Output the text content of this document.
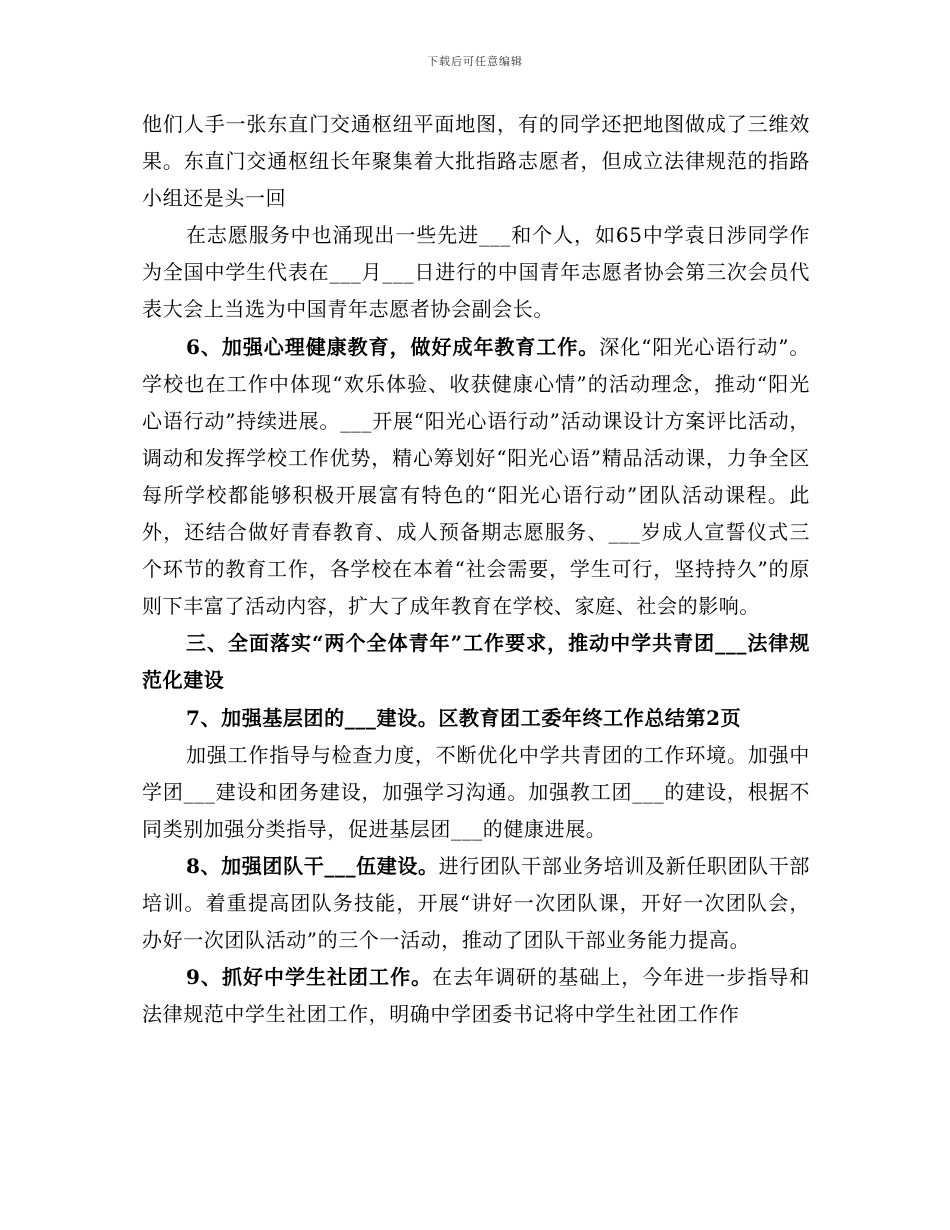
下载后可任意编辑

他们人手一张东直门交通枢纽平面地图，有的同学还把地图做成了三维效果。东直门交通枢纽长年聚集着大批指路志愿者，但成立法律规范的指路小组还是头一回

在志愿服务中也涌现出一些先进___和个人，如65中学袁日涉同学作为全国中学生代表在___月___日进行的中国青年志愿者协会第三次会员代表大会上当选为中国青年志愿者协会副会长。

6、加强心理健康教育，做好成年教育工作。深化“阳光心语行动”。学校也在工作中体现“欢乐体验、收获健康心情”的活动理念，推动“阳光心语行动”持续进展。___开展“阳光心语行动”活动课设计方案评比活动，调动和发挥学校工作优势，精心筹划好“阳光心语”精品活动课，力争全区每所学校都能够积极开展富有特色的“阳光心语行动”团队活动课程。此外，还结合做好青春教育、成人预备期志愿服务、___岁成人宣誓仪式三个环节的教育工作，各学校在本着“社会需要，学生可行，坚持持久”的原则下丰富了活动内容，扩大了成年教育在学校、家庭、社会的影响。

三、全面落实“两个全体青年”工作要求，推动中学共青团___法律规范化建设

7、加强基层团的___建设。区教育团工委年终工作总结第2页

加强工作指导与检查力度，不断优化中学共青团的工作环境。加强中学团___建设和团务建设，加强学习沟通。加强教工团___的建设，根据不同类别加强分类指导，促进基层团___的健康进展。

8、加强团队干___伍建设。进行团队干部业务培训及新任职团队干部培训。着重提高团队务技能，开展“讲好一次团队课，开好一次团队会，办好一次团队活动”的三个一活动，推动了团队干部业务能力提高。

9、抓好中学生社团工作。在去年调研的基础上，今年进一步指导和法律规范中学生社团工作，明确中学团委书记将中学生社团工作作
